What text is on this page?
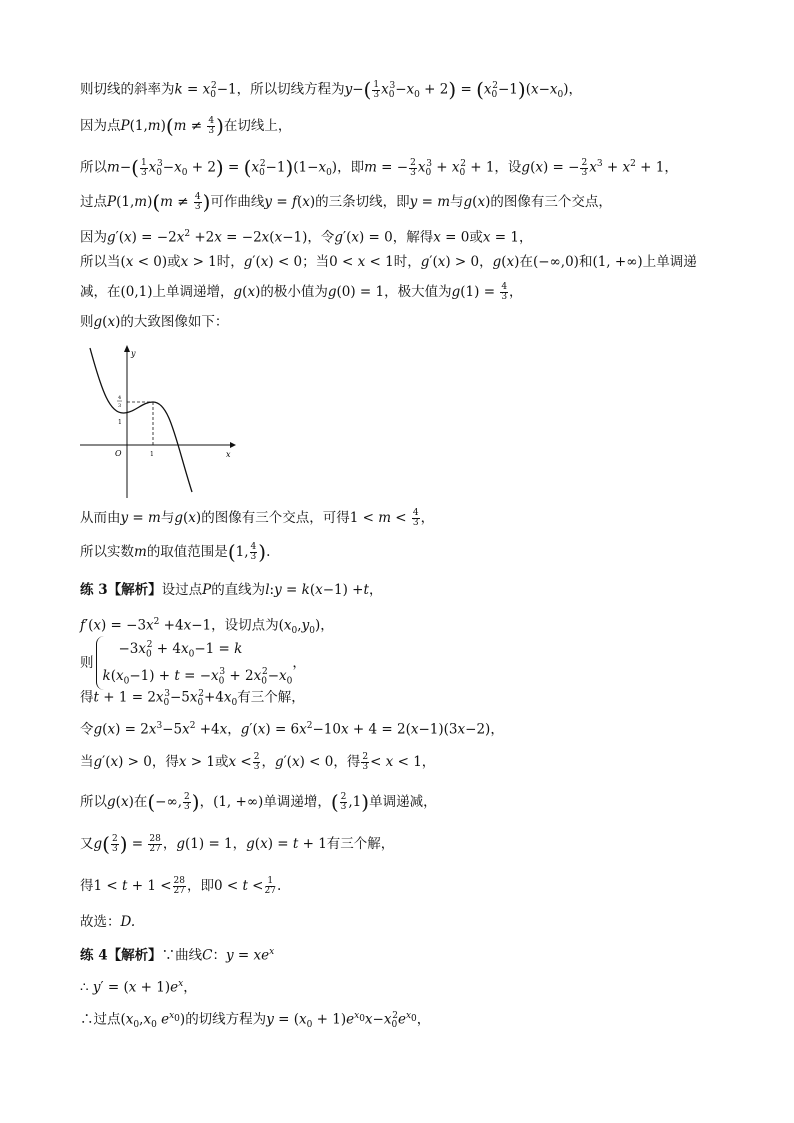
则切线的斜率为$k = x_0^2-1$，所以切线方程为$y-( \frac{1}{3} x_0^3-x_0 + 2) = (x_0^2-1)(x-x_0)$，
因为点$P(1,m)(m \ne \frac{4}{3}$ )在切线上，
所以$m-( \frac{1}{3} x_0^3-x_0 + 2) = (x_0^2-1)(1-x_0)$，即m = − $\frac{2}{3} x_0^3 + x_0^2 + 1$，设g(x) = − $\frac{2}{3} x^3 + x^2 + 1$，
过点$P(1,m)(m \ne \frac{4}{3}$ )可作曲线y = f(x)的三条切线，即y = m与g(x)的图像有三个交点，
因为$g'(x) = -2x^2 +2x = -2x(x-1)$，令g′(x) = 0，解得x = 0或x = 1，
所以当(x < 0)或x > 1时，g′(x) < 0；当0 < x < 1时，g′(x) > 0，g(x)在(−∞,0)和(1, +∞)上单调递
减，在(0,1)上单调递增，g(x)的极小值为g(0) = 1，极大值为$g(1) = \frac{4}{3}$ ，
则g(x)的大致图像如下：
y
x
O	1
1
4
3
从而由y = m与g(x)的图像有三个交点，可得$1 < m < \frac{4}{3}$ ，
所以实数m的取值范围是(1, $\frac{4}{3}$ ).
练 3【解析】设过点P的直线为l:y = k(x−1) +t，
$f'(x) = -3x^2 +4x-1$，设切点为$(x_0,y_0)$，
则$-3x_0^2 + 4x_0-1 = k$
$k(x_0-1) + t = -x_0^3 + 2x_0^2-x_0$，
得$t + 1 = 2x_0^3-5x_0^2+4x_0$有三个解，
令$g(x) = 2x^3-5x^2 +4x$，$g'(x) = 6x^2-10x + 4 = 2(x-1)(3x-2)$，
当g′(x) > 0，得x > 1或$x < \frac{2}{3}$ ，g′(x) < 0，得 $\frac{2}{3} < x < 1$，
所以g(x)在(−∞, $\frac{2}{3}$ )，(1, +∞)单调递增，( $\frac{2}{3} ,1$)单调递减，
又$g( \frac{2}{3}$ ) = $\frac{28}{27}$ ，g(1) = 1，g(x) = t + 1有三个解，
得$1 < t + 1 < \frac{28}{27}$ ，即$0 < t < \frac{1}{27}$ .
故选：D.
练 4【解析】∵曲线C：$y = xe^x$
∴ $y' = (x + 1)e^x$，
∴过点($x_0,x_0$ $e^{x_0}$)的切线方程为$y = (x_0 + 1)e^{x_0}x-x_0^2e^{x_0}$，
